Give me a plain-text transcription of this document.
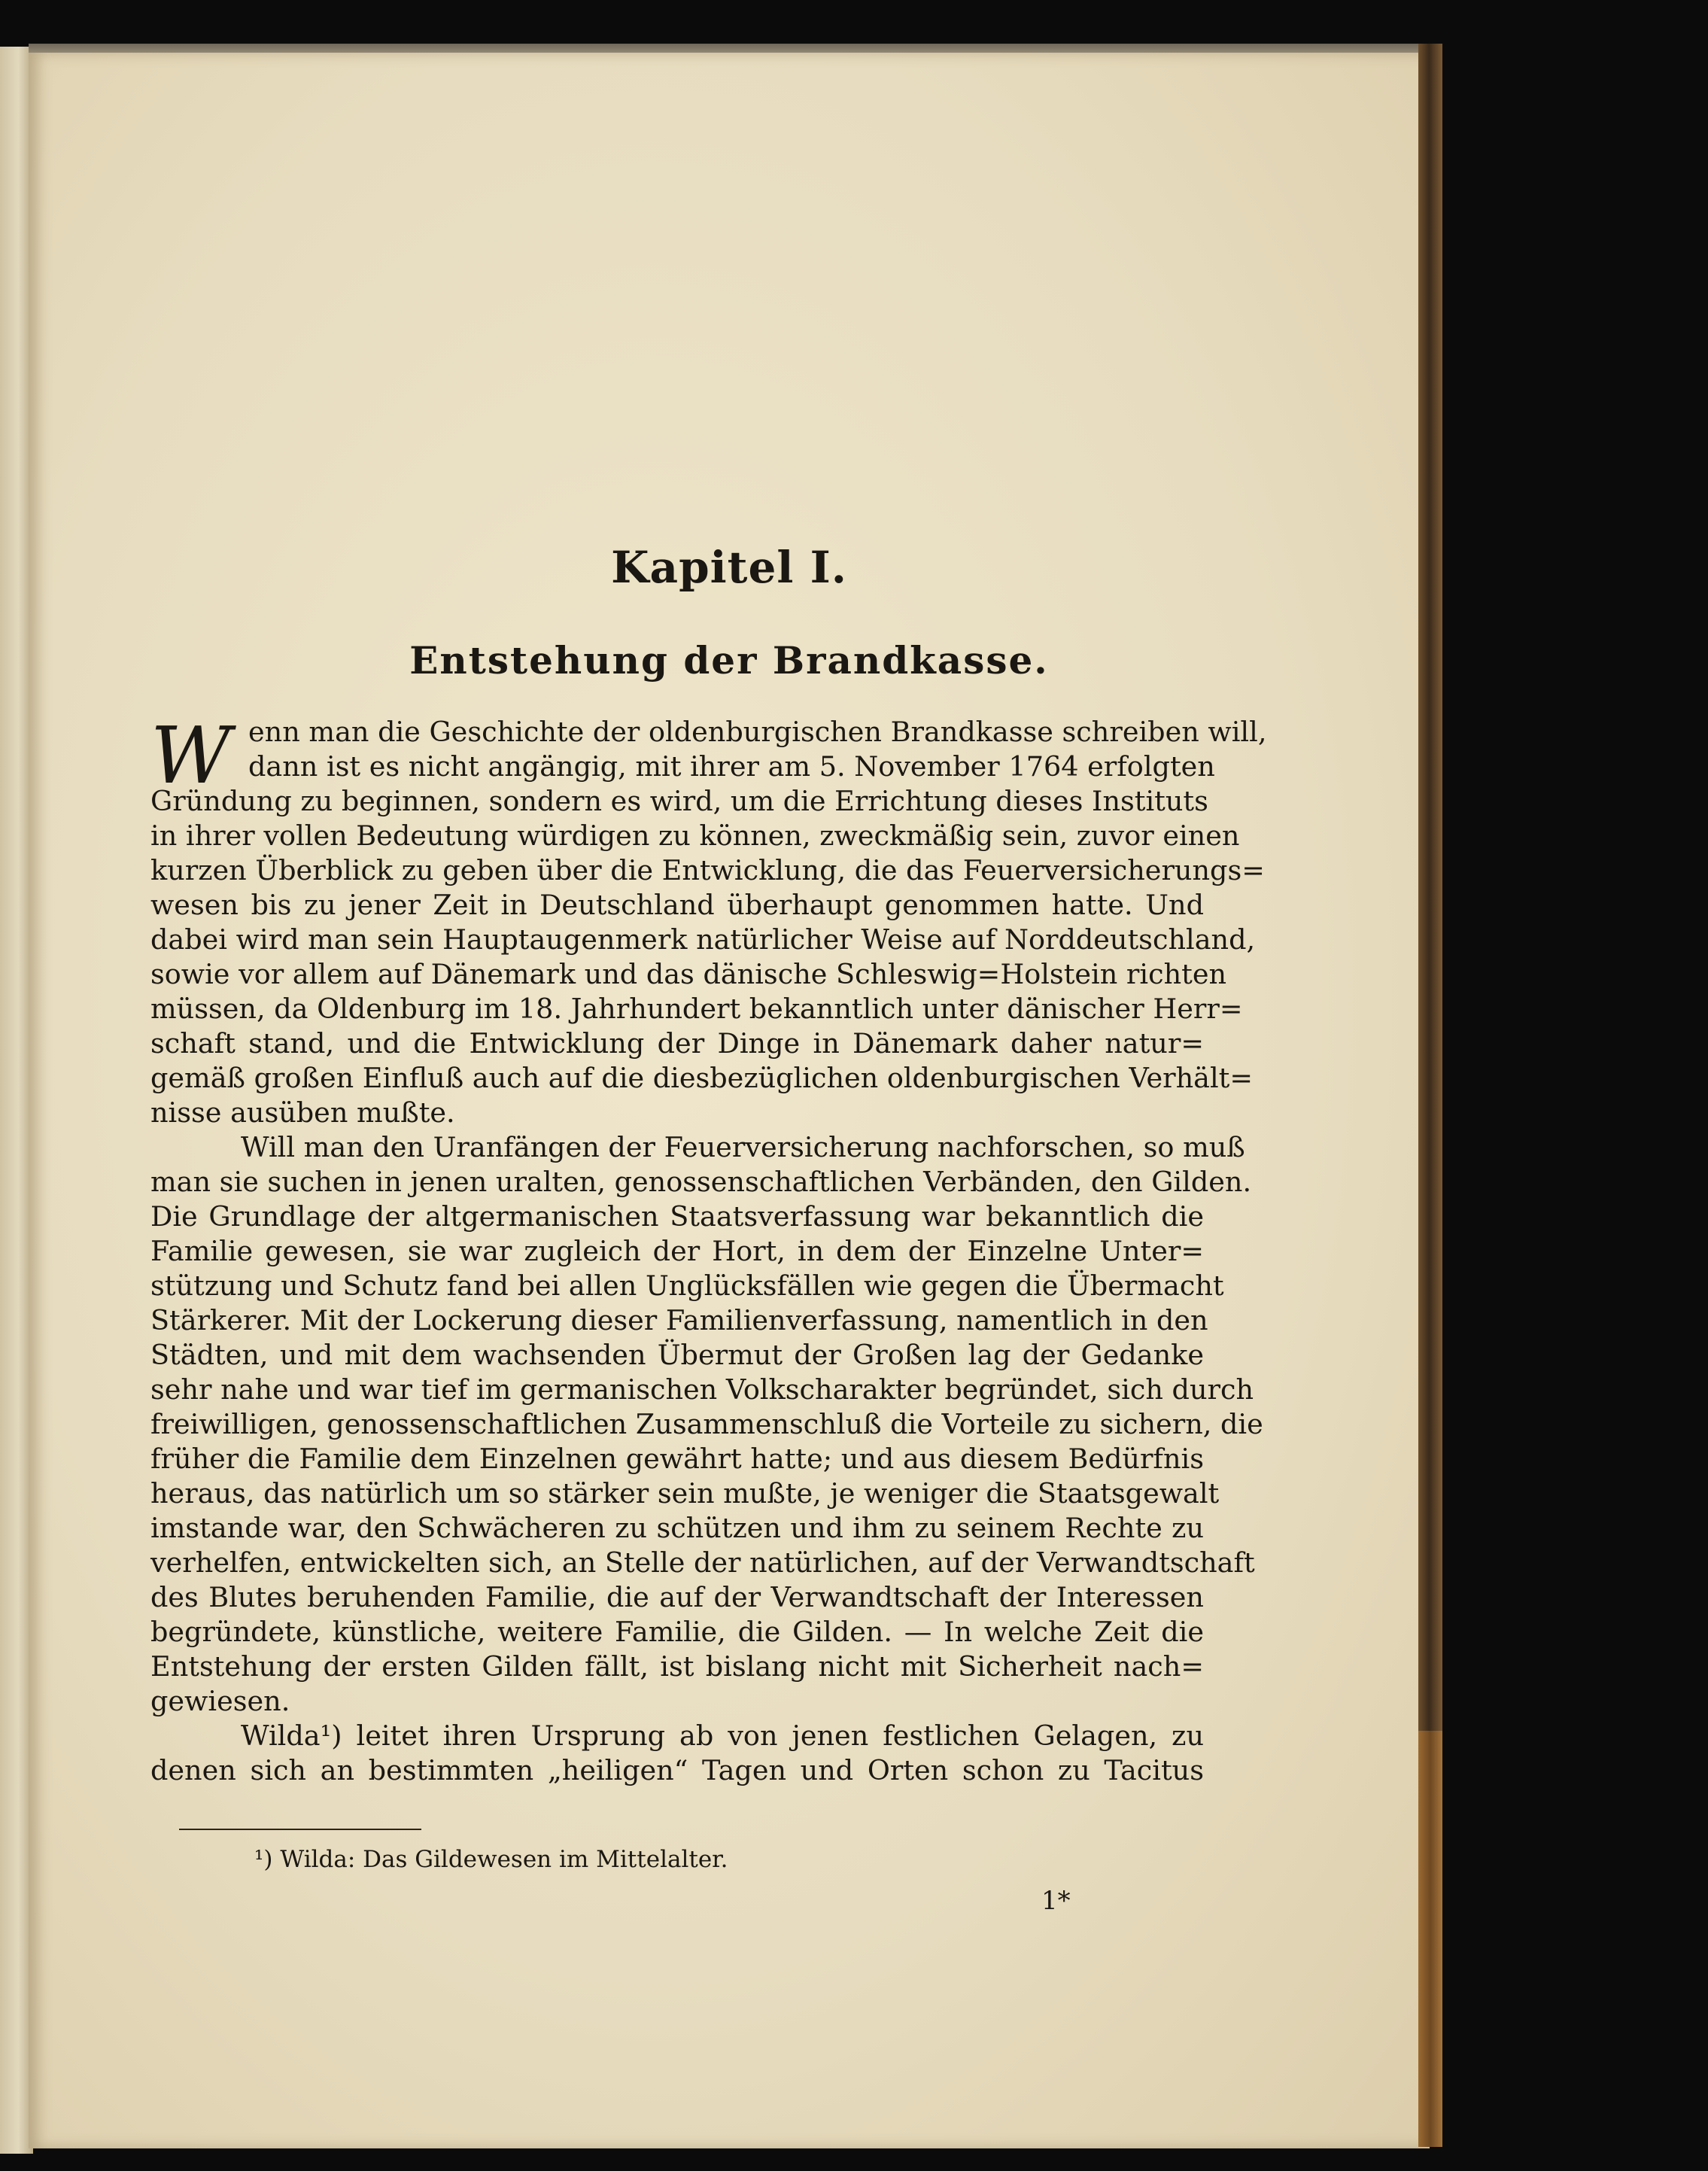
Kapitel I.
Entstehung der Brandkasse.
W enn man die Geschichte der oldenburgischen Brandkasse schreiben will,
dann ist es nicht angängig, mit ihrer am 5. November 1764 erfolgten
Gründung zu beginnen, sondern es wird, um die Errichtung dieses Instituts
in ihrer vollen Bedeutung würdigen zu können, zweckmäßig sein, zuvor einen
kurzen Überblick zu geben über die Entwicklung, die das Feuerversicherungs=
wesen bis zu jener Zeit in Deutschland überhaupt genommen hatte. Und
dabei wird man sein Hauptaugenmerk natürlicher Weise auf Norddeutschland,
sowie vor allem auf Dänemark und das dänische Schleswig=Holstein richten
müssen, da Oldenburg im 18. Jahrhundert bekanntlich unter dänischer Herr=
schaft stand, und die Entwicklung der Dinge in Dänemark daher natur=
gemäß großen Einfluß auch auf die diesbezüglichen oldenburgischen Verhält=
nisse ausüben mußte.
Will man den Uranfängen der Feuerversicherung nachforschen, so muß
man sie suchen in jenen uralten, genossenschaftlichen Verbänden, den Gilden.
Die Grundlage der altgermanischen Staatsverfassung war bekanntlich die
Familie gewesen, sie war zugleich der Hort, in dem der Einzelne Unter=
stützung und Schutz fand bei allen Unglücksfällen wie gegen die Übermacht
Stärkerer. Mit der Lockerung dieser Familienverfassung, namentlich in den
Städten, und mit dem wachsenden Übermut der Großen lag der Gedanke
sehr nahe und war tief im germanischen Volkscharakter begründet, sich durch
freiwilligen, genossenschaftlichen Zusammenschluß die Vorteile zu sichern, die
früher die Familie dem Einzelnen gewährt hatte; und aus diesem Bedürfnis
heraus, das natürlich um so stärker sein mußte, je weniger die Staatsgewalt
imstande war, den Schwächeren zu schützen und ihm zu seinem Rechte zu
verhelfen, entwickelten sich, an Stelle der natürlichen, auf der Verwandtschaft
des Blutes beruhenden Familie, die auf der Verwandtschaft der Interessen
begründete, künstliche, weitere Familie, die Gilden. — In welche Zeit die
Entstehung der ersten Gilden fällt, ist bislang nicht mit Sicherheit nach=
gewiesen.
Wilda¹) leitet ihren Ursprung ab von jenen festlichen Gelagen, zu
denen sich an bestimmten „heiligen“ Tagen und Orten schon zu Tacitus
¹) Wilda: Das Gildewesen im Mittelalter.
1*
